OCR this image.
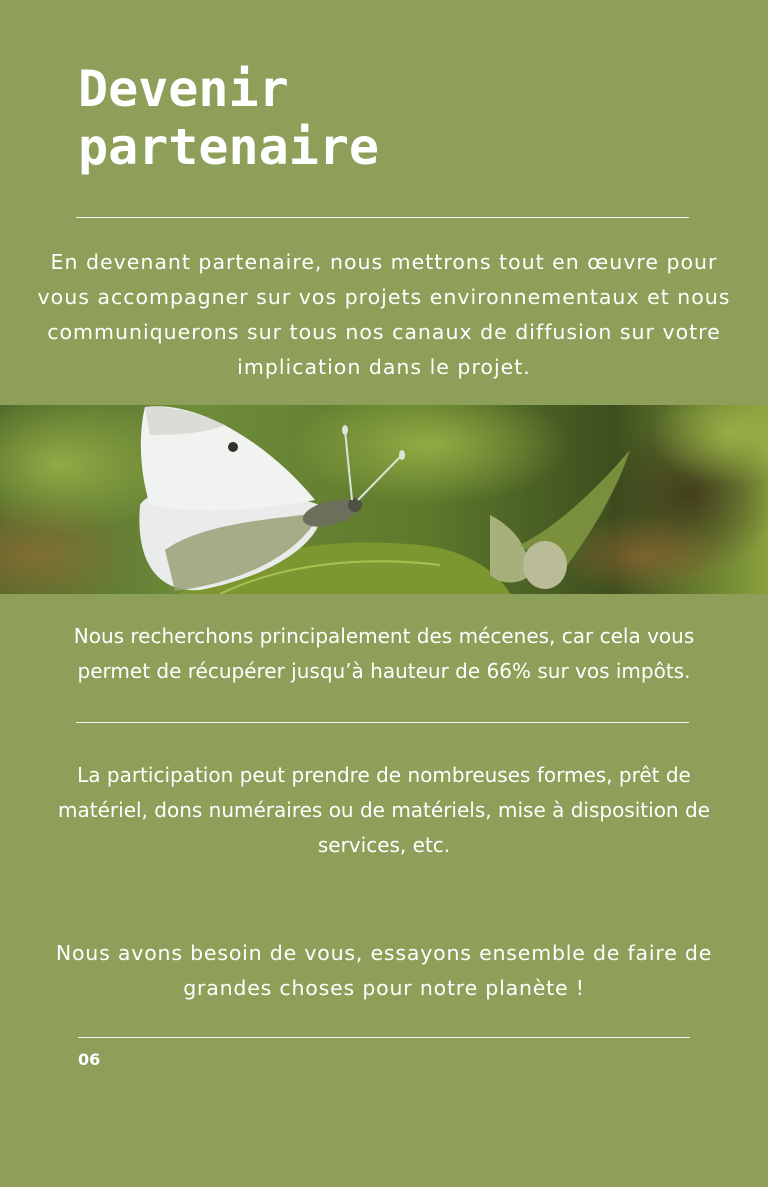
Devenir
partenaire

En devenant partenaire, nous mettrons tout en œuvre pour
vous accompagner sur vos projets environnementaux et nous
communiquerons sur tous nos canaux de diffusion sur votre
implication dans le projet.

Nous recherchons principalement des mécenes, car cela vous
permet de récupérer jusqu’à hauteur de 66% sur vos impôts.

La participation peut prendre de nombreuses formes, prêt de
matériel, dons numéraires ou de matériels, mise à disposition de
services, etc.

Nous avons besoin de vous, essayons ensemble de faire de
grandes choses pour notre planète !

06
